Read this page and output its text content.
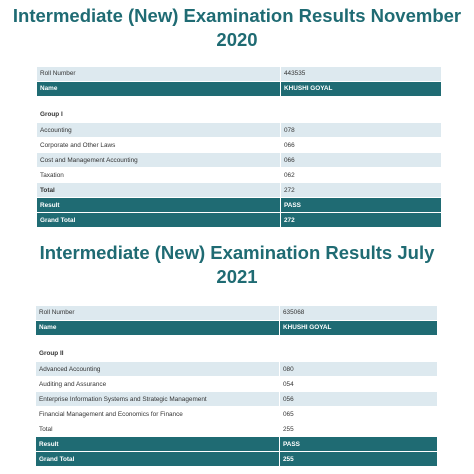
Intermediate (New) Examination Results November
2020
Roll Number	443535
Name	KHUSHI GOYAL
Group I
Accounting	078
Corporate and Other Laws	066
Cost and Management Accounting	066
Taxation	062
Total	272
Result	PASS
Grand Total	272
Intermediate (New) Examination Results July
2021
Roll Number	635068
Name	KHUSHI GOYAL
Group II
Advanced Accounting	080
Auditing and Assurance	054
Enterprise Information Systems and Strategic Management	056
Financial Management and Economics for Finance	065
Total	255
Result	PASS
Grand Total	255
